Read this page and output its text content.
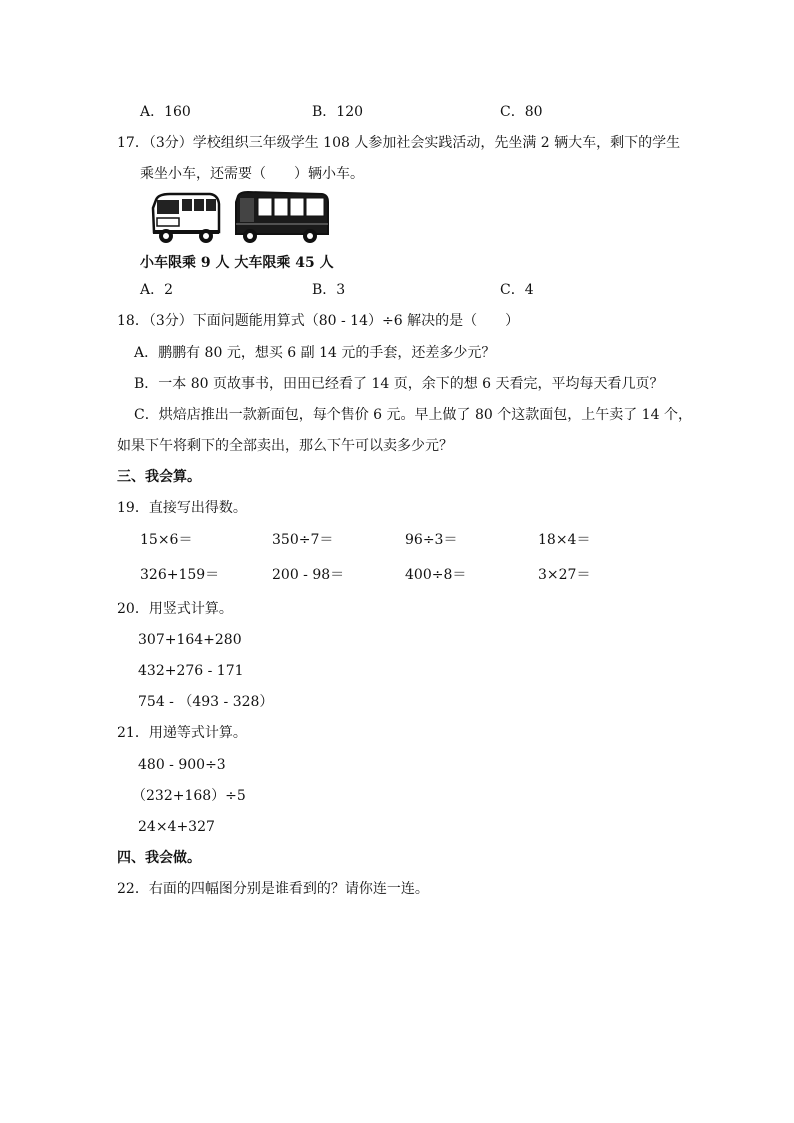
A．160	B．120	C．80
17．（3分）学校组织三年级学生 108 人参加社会实践活动，先坐满 2 辆大车，剩下的学生
乘坐小车，还需要（　　）辆小车。
小车限乘 9 人 大车限乘 45 人
A．2	B．3	C．4
18．（3分）下面问题能用算式（80 - 14）÷6 解决的是（　　）
A．鹏鹏有 80 元，想买 6 副 14 元的手套，还差多少元？
B．一本 80 页故事书，田田已经看了 14 页，余下的想 6 天看完，平均每天看几页？
C．烘焙店推出一款新面包，每个售价 6 元。早上做了 80 个这款面包，上午卖了 14 个，
如果下午将剩下的全部卖出，那么下午可以卖多少元？
三、我会算。
19．直接写出得数。
15×6＝	350÷7＝	96÷3＝	18×4＝
326+159＝	200 - 98＝	400÷8＝	3×27＝
20．用竖式计算。
307+164+280
432+276 - 171
754 - （493 - 328）
21．用递等式计算。
480 - 900÷3
（232+168）÷5
24×4+327
四、我会做。
22．右面的四幅图分别是谁看到的？请你连一连。
